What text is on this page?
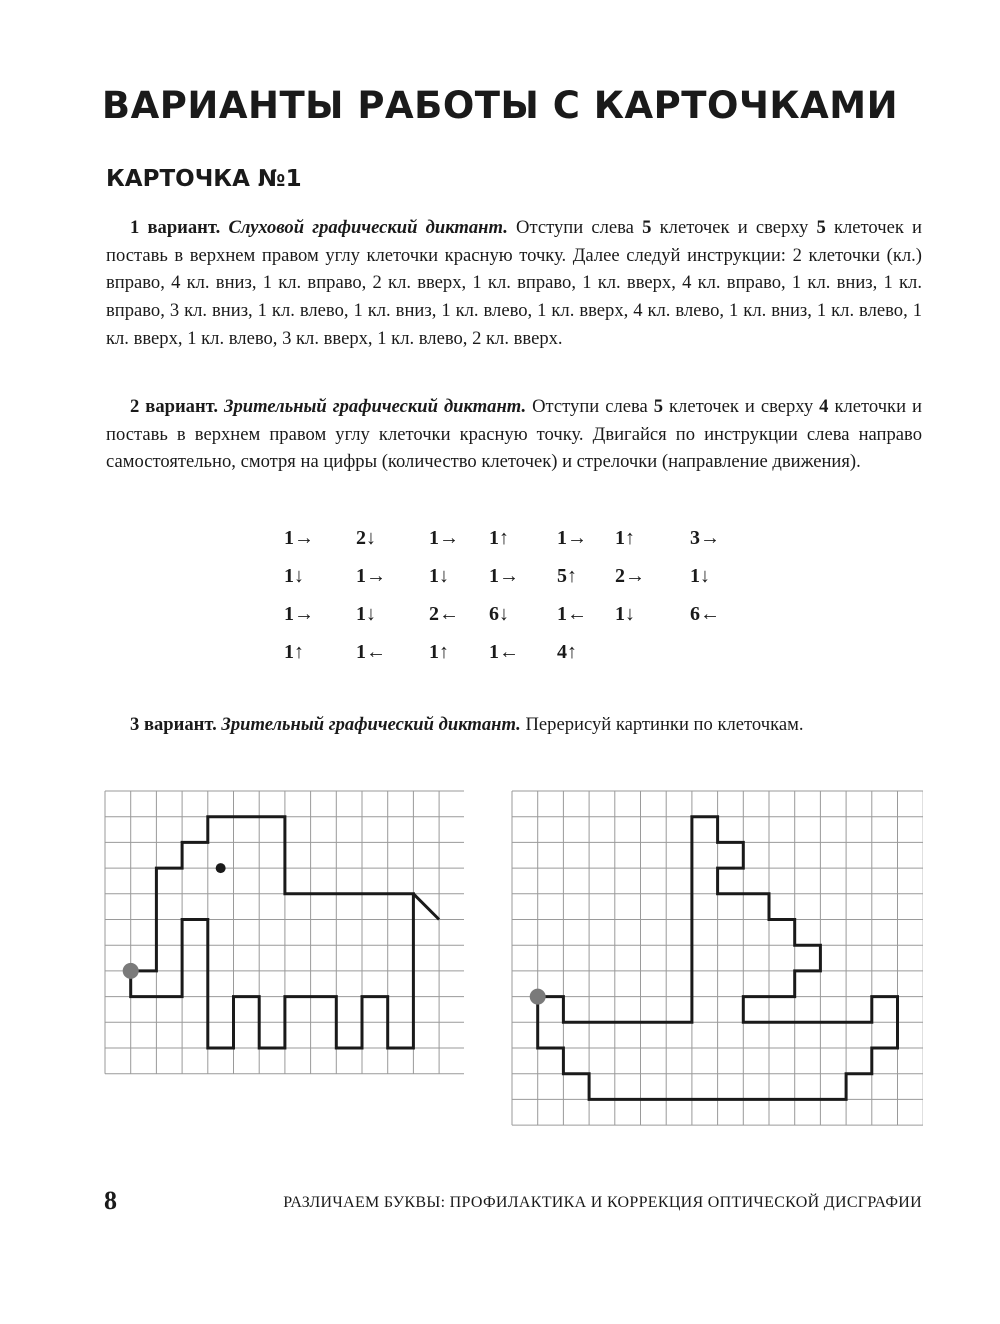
ВАРИАНТЫ РАБОТЫ С КАРТОЧКАМИ
КАРТОЧКА №1

1 вариант. Слуховой графический диктант. Отступи слева 5 клеточек и сверху 5 клеточек и поставь в верхнем правом углу клеточки красную точку. Далее следуй инструкции: 2 клеточки (кл.) вправо, 4 кл. вниз, 1 кл. вправо, 2 кл. вверх, 1 кл. вправо, 1 кл. вверх, 4 кл. вправо, 1 кл. вниз, 1 кл. вправо, 3 кл. вниз, 1 кл. влево, 1 кл. вниз, 1 кл. влево, 1 кл. вверх, 4 кл. влево, 1 кл. вниз, 1 кл. влево, 1 кл. вверх, 1 кл. влево, 3 кл. вверх, 1 кл. влево, 2 кл. вверх.

2 вариант. Зрительный графический диктант. Отступи слева 5 клеточек и сверху 4 клеточки и поставь в верхнем правом углу клеточки красную точку. Двигайся по инструкции слева направо самостоятельно, смотря на цифры (количество клеточек) и стрелочки (направление движения).

1→ 2↓	1→ 1↑ 1→ 1↑	3→
1↓	1→ 1↓ 1→ 5↑ 2→ 1↓
1→ 1↓	2← 6↓ 1← 1↓	6←
1↑	1← 1↑ 1← 4↑

3 вариант. Зрительный графический диктант. Перерисуй картинки по клеточкам.

8	РАЗЛИЧАЕМ БУКВЫ: ПРОФИЛАКТИКА И КОРРЕКЦИЯ ОПТИЧЕСКОЙ ДИСГРАФИИ
